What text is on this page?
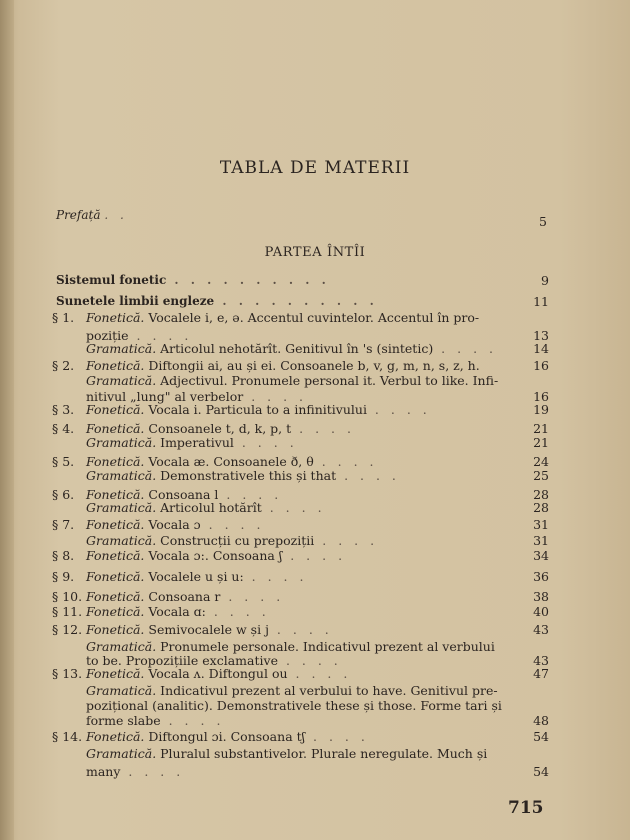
TABLA DE MATERII
Prefață . .	5
PARTEA ÎNTÎI
715
Sistemul fonetic . . . . . . . . . .	9
Sunetele limbii engleze . . . . . . . . . .	11
§ 1. Fonetică. Vocalele i, e, ə. Accentul cuvintelor. Accentul în pro-
poziție . . . .	13
Gramatică. Articolul nehotărît. Genitivul în 's (sintetic) . . . .	14
§ 2. Fonetică. Diftongii ai, au și ei. Consoanele b, v, g, m, n, s, z, h.	16
Gramatică. Adjectivul. Pronumele personal it. Verbul to like. Infi-
nitivul „lung" al verbelor . . . .	16
§ 3. Fonetică. Vocala i. Particula to a infinitivului . . . .	19
§ 4. Fonetică. Consoanele t, d, k, p, t . . . .	21
Gramatică. Imperativul . . . .	21
§ 5. Fonetică. Vocala æ. Consoanele ð, θ . . . .	24
Gramatică. Demonstrativele this și that . . . .	25
§ 6. Fonetică. Consoana l . . . .	28
Gramatică. Articolul hotărît . . . .	28
§ 7. Fonetică. Vocala ɔ . . . .	31
Gramatică. Construcții cu prepoziții . . . .	31
§ 8. Fonetică. Vocala ɔ:. Consoana ʃ . . . .	34
§ 9. Fonetică. Vocalele u și u: . . . .	36
§ 10. Fonetică. Consoana r . . . .	38
§ 11. Fonetică. Vocala ɑ: . . . .	40
§ 12. Fonetică. Semivocalele w și j . . . .	43
Gramatică. Pronumele personale. Indicativul prezent al verbului
to be. Propozițiile exclamative . . . .	43
§ 13. Fonetică. Vocala ʌ. Diftongul ou . . . .	47
Gramatică. Indicativul prezent al verbului to have. Genitivul pre-
pozițional (analitic). Demonstrativele these și those. Forme tari și
forme slabe . . . .	48
§ 14. Fonetică. Diftongul ɔi. Consoana tʃ . . . .	54
Gramatică. Pluralul substantivelor. Plurale neregulate. Much și
many . . . .	54
